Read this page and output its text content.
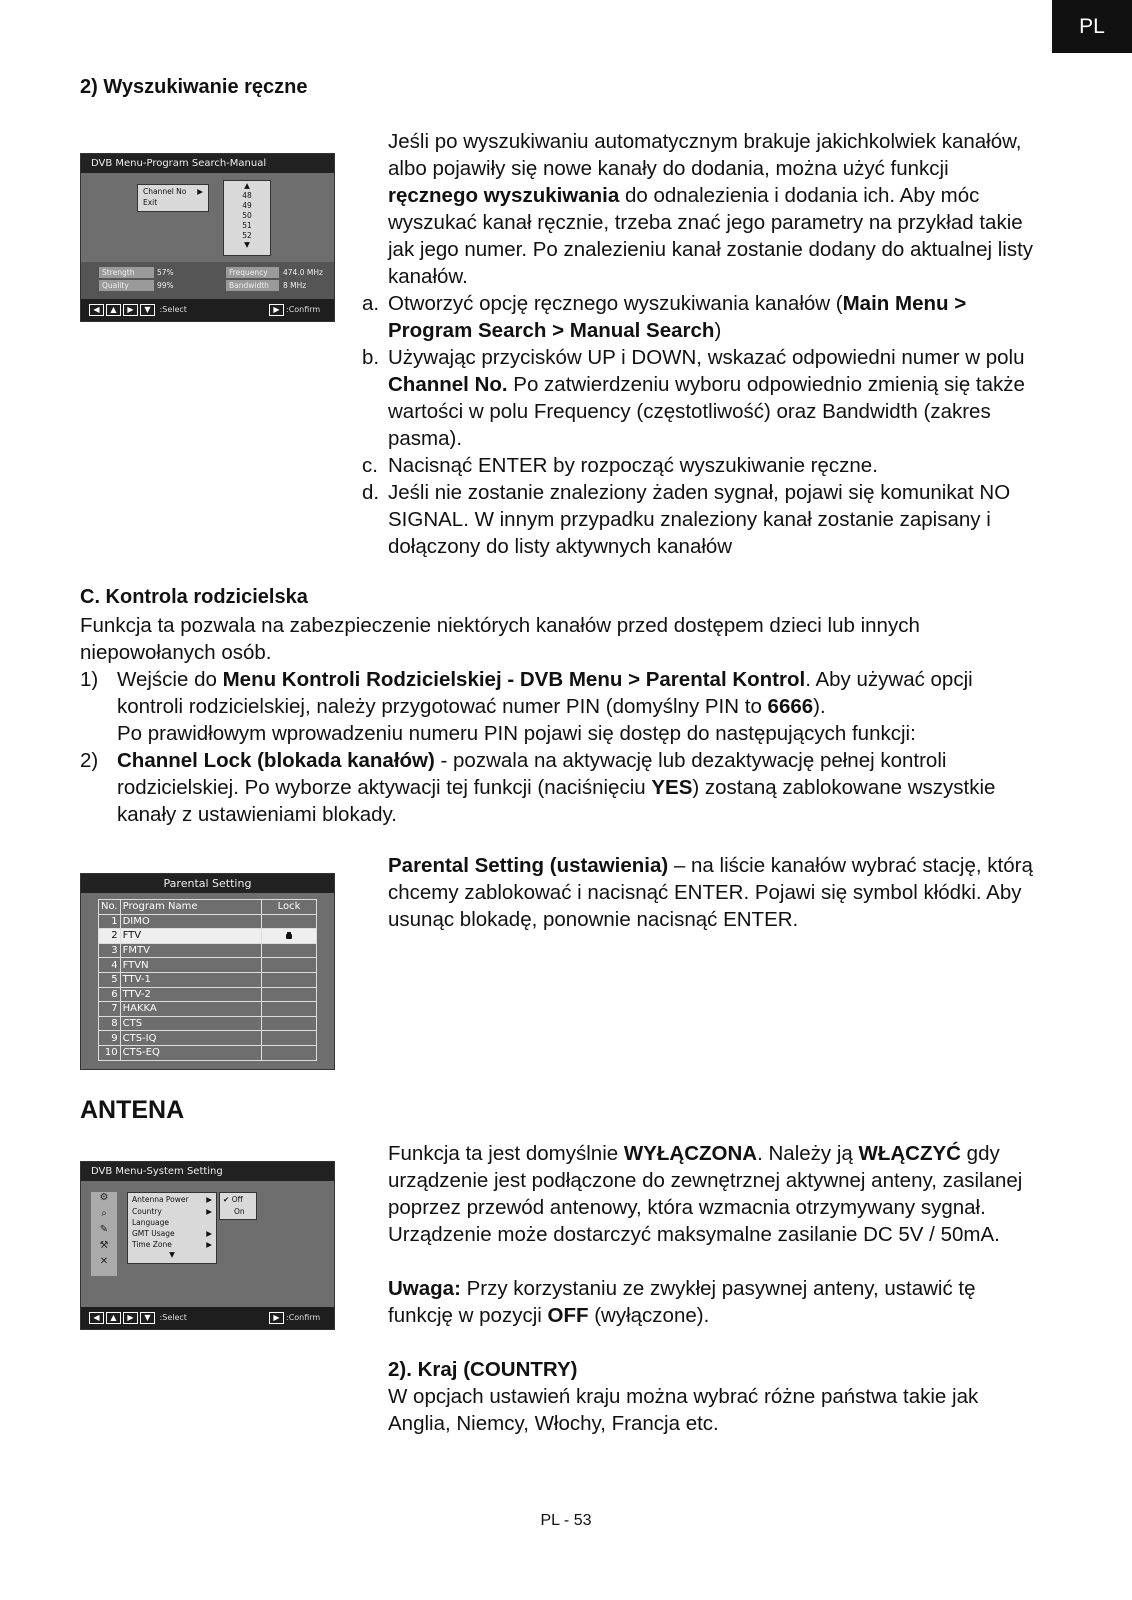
PL
2) Wyszukiwanie ręczne

Jeśli po wyszukiwaniu automatycznym brakuje jakichkolwiek kanałów, albo pojawiły się nowe kanały do dodania, można użyć funkcji ręcznego wyszukiwania do odnalezienia i dodania ich. Aby móc wyszukać kanał ręcznie, trzeba znać jego parametry na przykład takie jak jego numer. Po znalezieniu kanał zostanie dodany do aktualnej listy kanałów.

a. Otworzyć opcję ręcznego wyszukiwania kanałów (Main Menu > Program Search > Manual Search)

b. Używając przycisków UP i DOWN, wskazać odpowiedni numer w polu Channel No. Po zatwierdzeniu wyboru odpowiednio zmienią się także wartości w polu Frequency (częstotliwość) oraz Bandwidth (zakres pasma).

c. Nacisnąć ENTER by rozpocząć wyszukiwanie ręczne.

d. Jeśli nie zostanie znaleziony żaden sygnał, pojawi się komunikat NO SIGNAL. W innym przypadku znaleziony kanał zostanie zapisany i dołączony do listy aktywnych kanałów

DVB Menu-Program Search-Manual
Channel No ▶
Exit
▲
48
49
50
51
52
▼
Strength	57%
Quality	99%
Frequency	474.0 MHz
Bandwidth	8 MHz
◀ ▲ ▶ ▼ :Select	▶ :Confirm
C. Kontrola rodzicielska

Funkcja ta pozwala na zabezpieczenie niektórych kanałów przed dostępem dzieci lub innych niepowołanych osób.

1) Wejście do Menu Kontroli Rodzicielskiej - DVB Menu > Parental Kontrol. Aby używać opcji kontroli rodzicielskiej, należy przygotować numer PIN (domyślny PIN to 6666).

Po prawidłowym wprowadzeniu numeru PIN pojawi się dostęp do następujących funkcji:

2) Channel Lock (blokada kanałów) - pozwala na aktywację lub dezaktywację pełnej kontroli rodzicielskiej. Po wyborze aktywacji tej funkcji (naciśnięciu YES) zostaną zablokowane wszystkie kanały z ustawieniami blokady.

Parental Setting (ustawienia) – na liście kanałów wybrać stację, którą chcemy zablokować i nacisnąć ENTER. Pojawi się symbol kłódki. Aby usunąc blokadę, ponownie nacisnąć ENTER.

Parental Setting
No.	Program Name	Lock
1	DIMO	
2	FTV	
3	FMTV	
4	FTVN	
5	TTV-1	
6	TTV-2	
7	HAKKA	
8	CTS	
9	CTS-IQ	
10	CTS-EQ	
ANTENA

Funkcja ta jest domyślnie WYŁĄCZONA. Należy ją WŁĄCZYĆ gdy urządzenie jest podłączone do zewnętrznej aktywnej anteny, zasilanej poprzez przewód antenowy, która wzmacnia otrzymywany sygnał. Urządzenie może dostarczyć maksymalne zasilanie DC 5V / 50mA.

Uwaga: Przy korzystaniu ze zwykłej pasywnej anteny, ustawić tę funkcję w pozycji OFF (wyłączone).

2). Kraj (COUNTRY)

W opcjach ustawień kraju można wybrać różne państwa takie jak Anglia, Niemcy, Włochy, Francja etc.

DVB Menu-System Setting
⚙
⌕
✎
⚒
✕
Antenna Power ▶
Country	▶
Language
GMT Usage	▶
Time Zone	▶
▼
✔ Off
On
◀ ▲ ▶ ▼ :Select	▶ :Confirm
PL - 53
